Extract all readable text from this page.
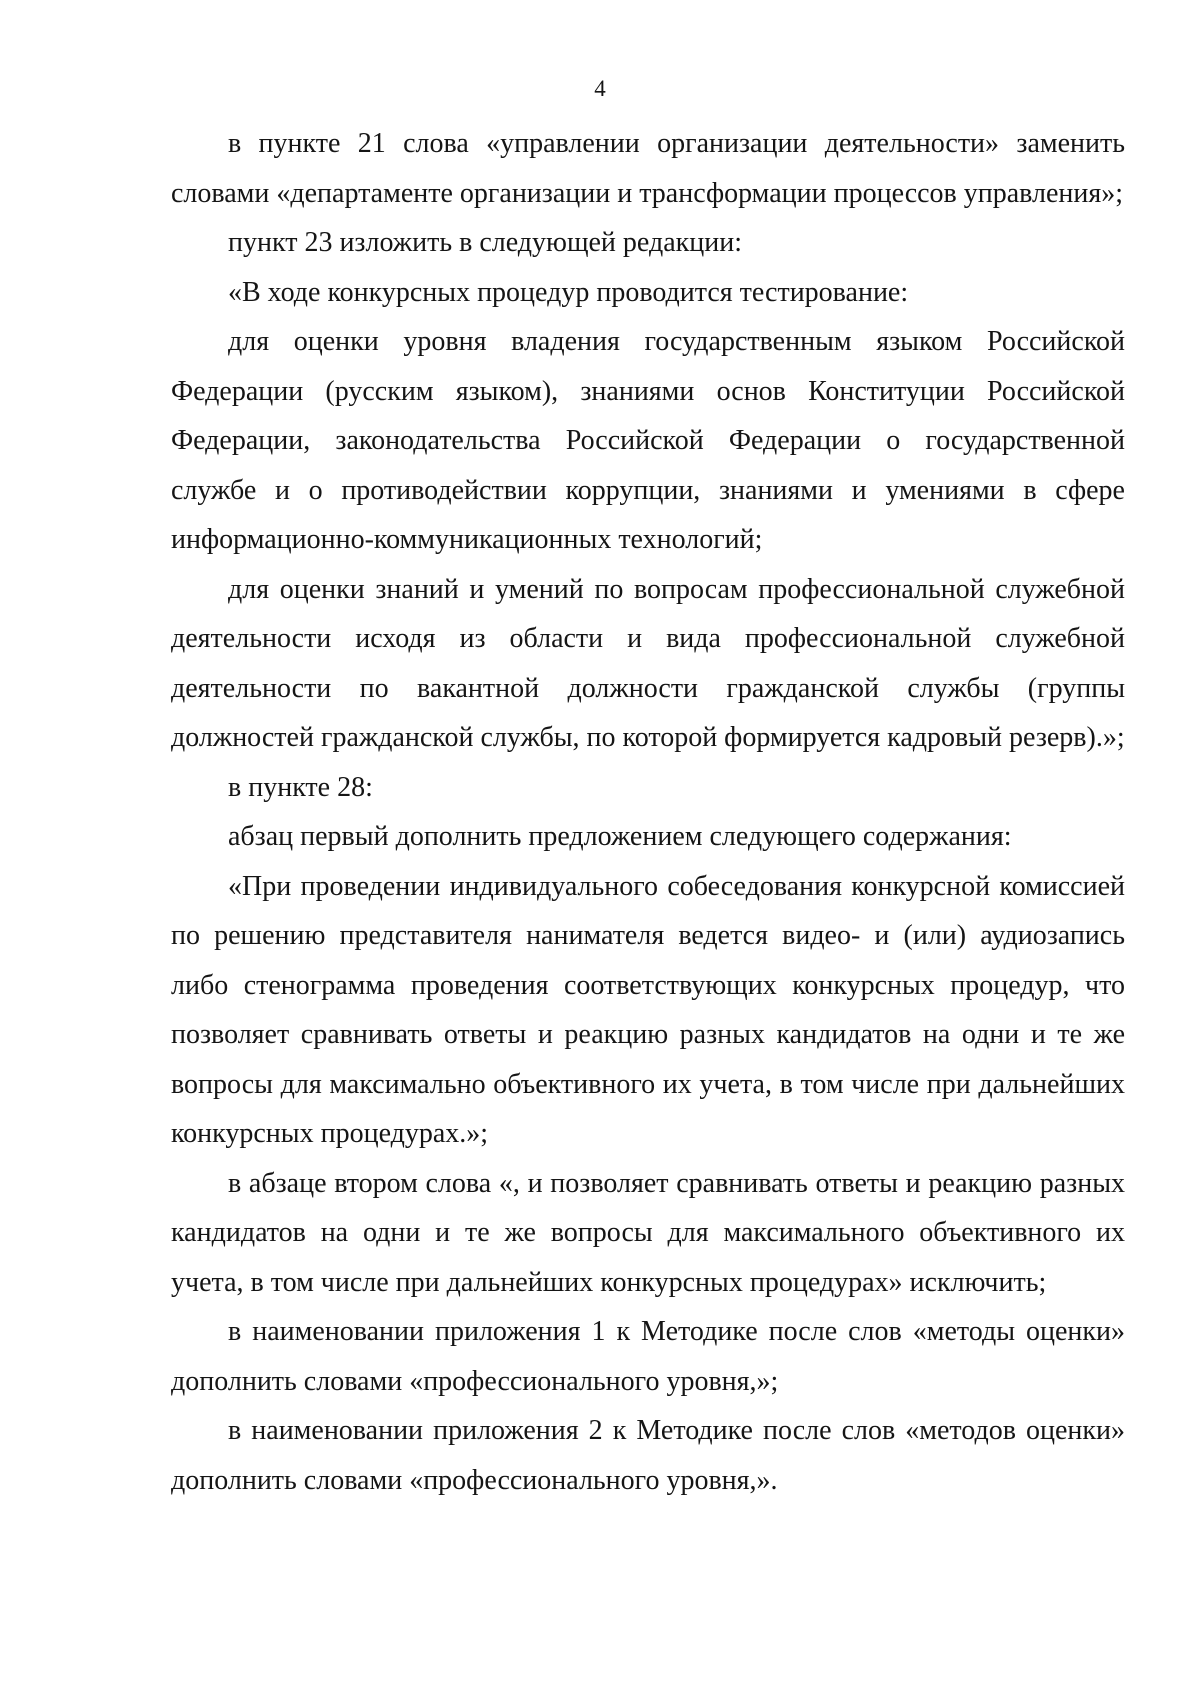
4

в пункте 21 слова «управлении организации деятельности» заменить словами «департаменте организации и трансформации процессов управления»;

пункт 23 изложить в следующей редакции:

«В ходе конкурсных процедур проводится тестирование:

для оценки уровня владения государственным языком Российской Федерации (русским языком), знаниями основ Конституции Российской Федерации, законодательства Российской Федерации о государственной службе и о противодействии коррупции, знаниями и умениями в сфере информационно-коммуникационных технологий;

для оценки знаний и умений по вопросам профессиональной служебной деятельности исходя из области и вида профессиональной служебной деятельности по вакантной должности гражданской службы (группы должностей гражданской службы, по которой формируется кадровый резерв).»;

в пункте 28:

абзац первый дополнить предложением следующего содержания:

«При проведении индивидуального собеседования конкурсной комиссией по решению представителя нанимателя ведется видео- и (или) аудиозапись либо стенограмма проведения соответствующих конкурсных процедур, что позволяет сравнивать ответы и реакцию разных кандидатов на одни и те же вопросы для максимально объективного их учета, в том числе при дальнейших конкурсных процедурах.»;

в абзаце втором слова «, и позволяет сравнивать ответы и реакцию разных кандидатов на одни и те же вопросы для максимального объективного их учета, в том числе при дальнейших конкурсных процедурах» исключить;

в наименовании приложения 1 к Методике после слов «методы оценки» дополнить словами «профессионального уровня,»;

в наименовании приложения 2 к Методике после слов «методов оценки» дополнить словами «профессионального уровня,».
